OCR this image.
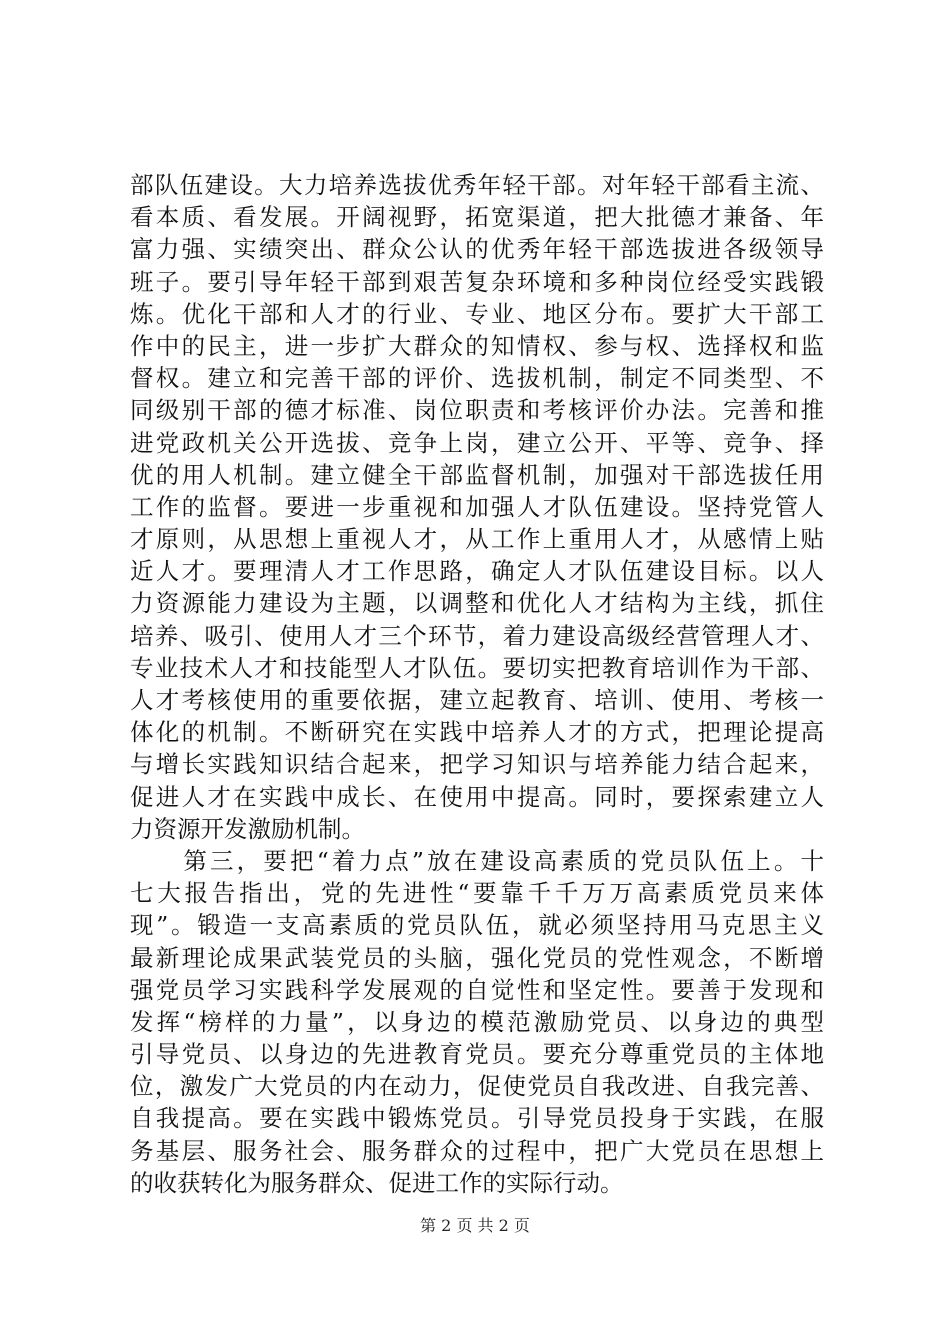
部队伍建设。大力培养选拔优秀年轻干部。对年轻干部看主流、
看本质、看发展。开阔视野，拓宽渠道，把大批德才兼备、年
富力强、实绩突出、群众公认的优秀年轻干部选拔进各级领导
班子。要引导年轻干部到艰苦复杂环境和多种岗位经受实践锻
炼。优化干部和人才的行业、专业、地区分布。要扩大干部工
作中的民主，进一步扩大群众的知情权、参与权、选择权和监
督权。建立和完善干部的评价、选拔机制，制定不同类型、不
同级别干部的德才标准、岗位职责和考核评价办法。完善和推
进党政机关公开选拔、竞争上岗，建立公开、平等、竞争、择
优的用人机制。建立健全干部监督机制，加强对干部选拔任用
工作的监督。要进一步重视和加强人才队伍建设。坚持党管人
才原则，从思想上重视人才，从工作上重用人才，从感情上贴
近人才。要理清人才工作思路，确定人才队伍建设目标。以人
力资源能力建设为主题，以调整和优化人才结构为主线，抓住
培养、吸引、使用人才三个环节，着力建设高级经营管理人才、
专业技术人才和技能型人才队伍。要切实把教育培训作为干部、
人才考核使用的重要依据，建立起教育、培训、使用、考核一
体化的机制。不断研究在实践中培养人才的方式，把理论提高
与增长实践知识结合起来，把学习知识与培养能力结合起来，
促进人才在实践中成长、在使用中提高。同时，要探索建立人
力资源开发激励机制。
　　第三，要把“着力点”放在建设高素质的党员队伍上。十
七大报告指出，党的先进性“要靠千千万万高素质党员来体
现”。锻造一支高素质的党员队伍，就必须坚持用马克思主义
最新理论成果武装党员的头脑，强化党员的党性观念，不断增
强党员学习实践科学发展观的自觉性和坚定性。要善于发现和
发挥“榜样的力量”，以身边的模范激励党员、以身边的典型
引导党员、以身边的先进教育党员。要充分尊重党员的主体地
位，激发广大党员的内在动力，促使党员自我改进、自我完善、
自我提高。要在实践中锻炼党员。引导党员投身于实践，在服
务基层、服务社会、服务群众的过程中，把广大党员在思想上
的收获转化为服务群众、促进工作的实际行动。
第 2 页 共 2 页
